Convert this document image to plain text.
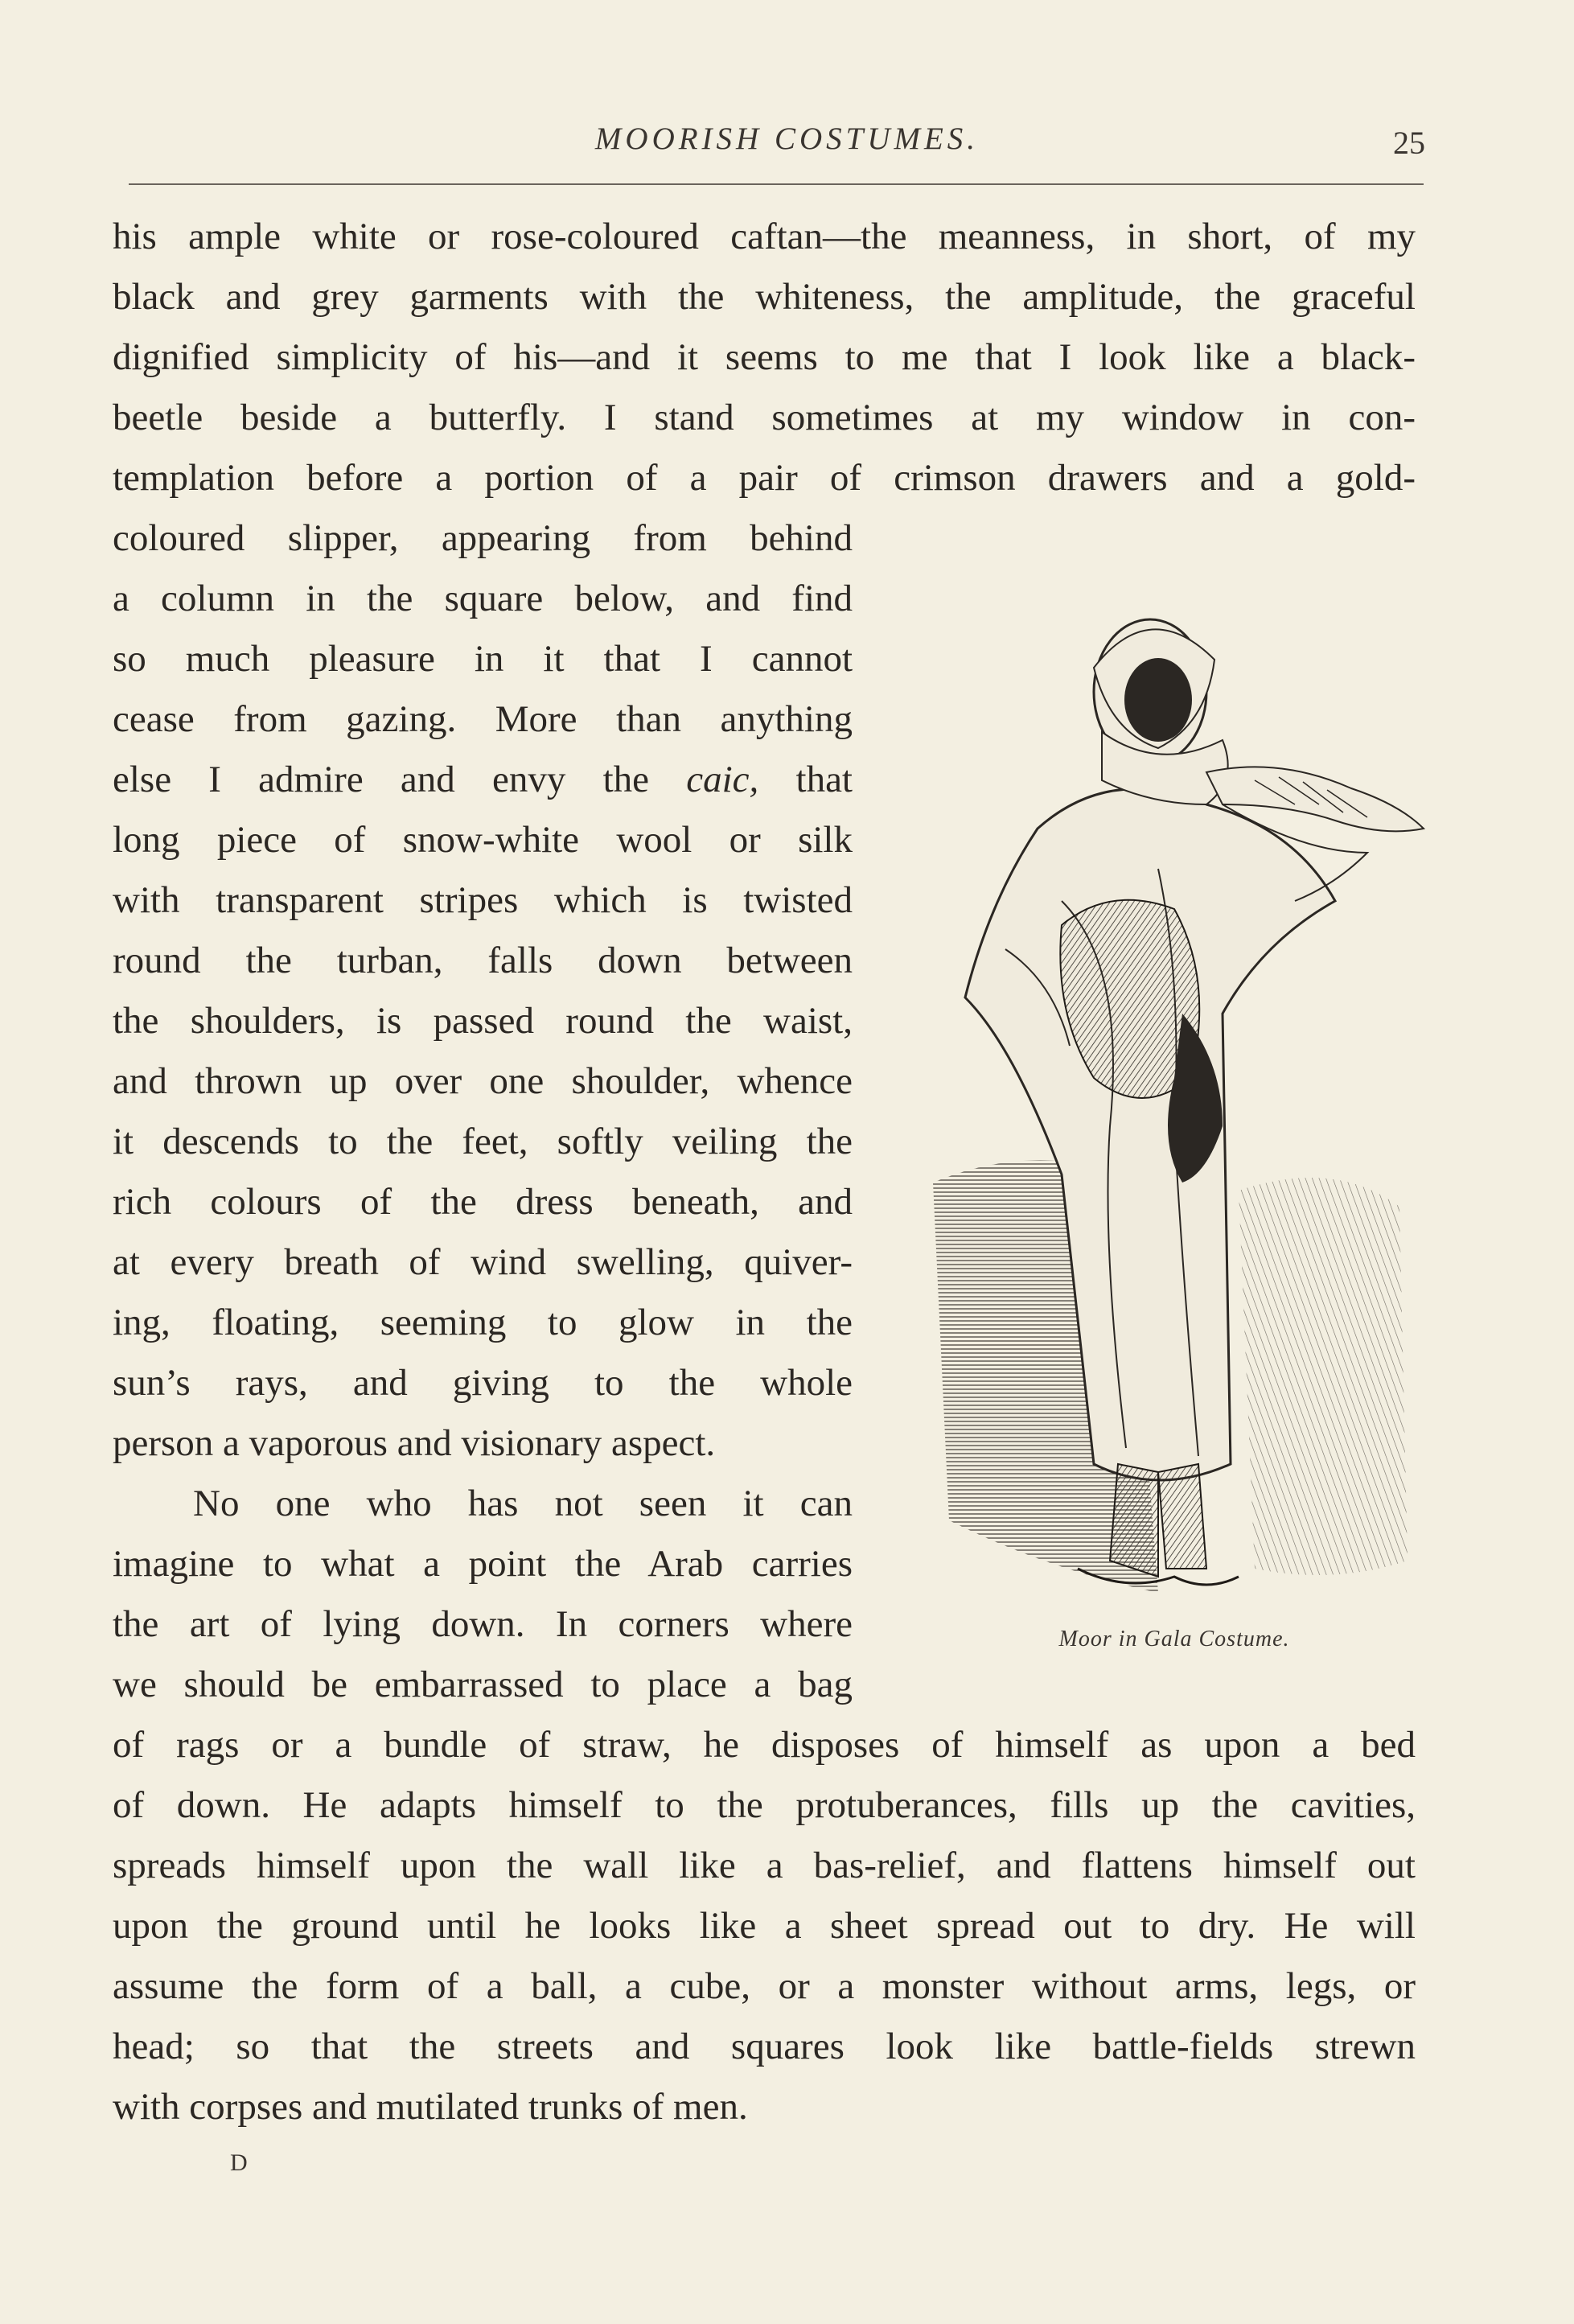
MOORISH COSTUMES.	25
his ample white or rose-coloured caftan—the meanness, in short, of my
black and grey garments with the whiteness, the amplitude, the graceful
dignified simplicity of his—and it seems to me that I look like a black-
beetle beside a butterfly. I stand sometimes at my window in con-
templation before a portion of a pair of crimson drawers and a gold-
coloured slipper, appearing from behind
a column in the square below, and find
so much pleasure in it that I cannot
cease from gazing. More than anything
else I admire and envy the caic, that
long piece of snow-white wool or silk
with transparent stripes which is twisted
round the turban, falls down between
the shoulders, is passed round the waist,
and thrown up over one shoulder, whence
it descends to the feet, softly veiling the
rich colours of the dress beneath, and
at every breath of wind swelling, quiver-
ing, floating, seeming to glow in the
sun’s rays, and giving to the whole
person a vaporous and visionary aspect.
No one who has not seen it can
imagine to what a point the Arab carries
the art of lying down. In corners where
we should be embarrassed to place a bag
of rags or a bundle of straw, he disposes of himself as upon a bed
of down. He adapts himself to the protuberances, fills up the cavities,
spreads himself upon the wall like a bas-relief, and flattens himself out
upon the ground until he looks like a sheet spread out to dry. He will
assume the form of a ball, a cube, or a monster without arms, legs, or
head; so that the streets and squares look like battle-fields strewn
with corpses and mutilated trunks of men.
Moor in Gala Costume.
D
